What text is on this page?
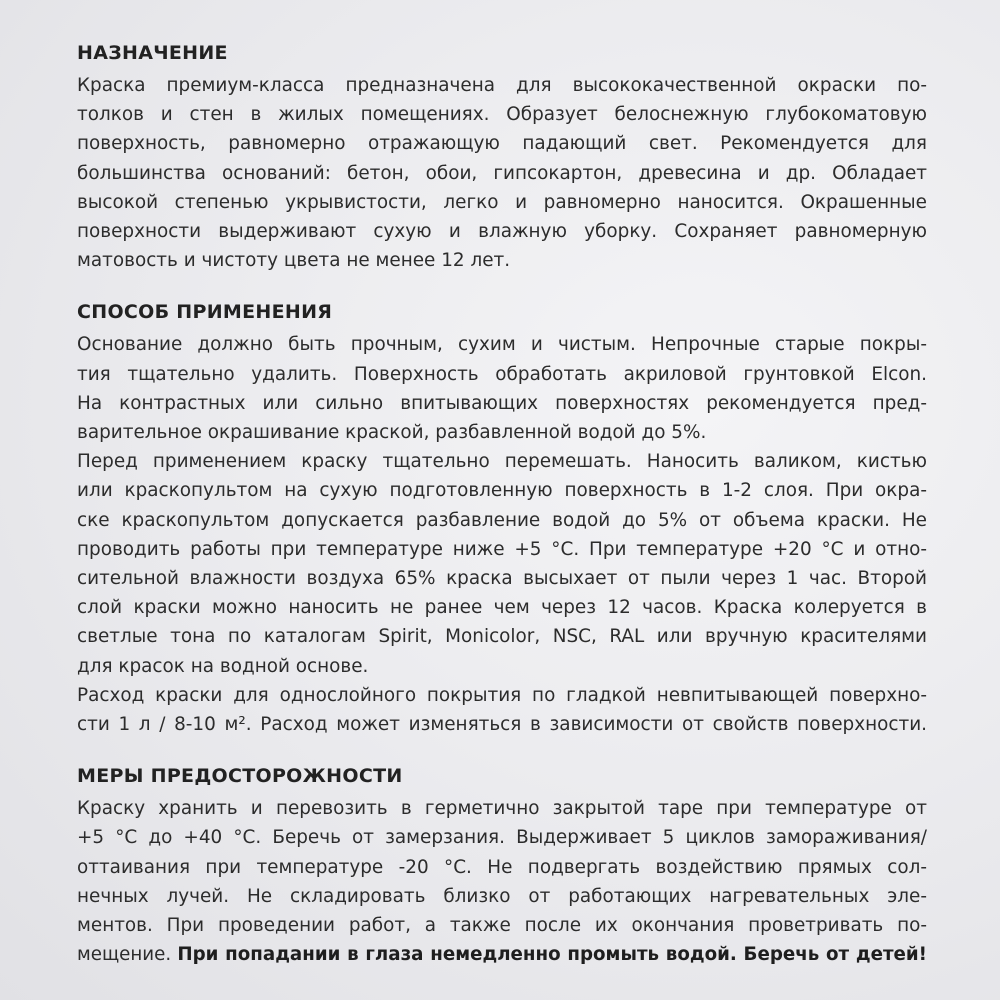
НАЗНАЧЕНИЕ
Краска премиум-класса предназначена для высококачественной окраски по-
толков и стен в жилых помещениях. Образует белоснежную глубокоматовую
поверхность, равномерно отражающую падающий свет. Рекомендуется для
большинства оснований: бетон, обои, гипсокартон, древесина и др. Обладает
высокой степенью укрывистости, легко и равномерно наносится. Окрашенные
поверхности выдерживают сухую и влажную уборку. Сохраняет равномерную
матовость и чистоту цвета не менее 12 лет.
СПОСОБ ПРИМЕНЕНИЯ
Основание должно быть прочным, сухим и чистым. Непрочные старые покры-
тия тщательно удалить. Поверхность обработать акриловой грунтовкой Elcon.
На контрастных или сильно впитывающих поверхностях рекомендуется пред-
варительное окрашивание краской, разбавленной водой до 5%.
Перед применением краску тщательно перемешать. Наносить валиком, кистью
или краскопультом на сухую подготовленную поверхность в 1-2 слоя. При окра-
ске краскопультом допускается разбавление водой до 5% от объема краски. Не
проводить работы при температуре ниже +5 °С. При температуре +20 °С и отно-
сительной влажности воздуха 65% краска высыхает от пыли через 1 час. Второй
слой краски можно наносить не ранее чем через 12 часов. Краска колеруется в
светлые тона по каталогам Spirit, Monicolor, NSC, RAL или вручную красителями
для красок на водной основе.
Расход краски для однослойного покрытия по гладкой невпитывающей поверхно-
сти 1 л / 8-10 м². Расход может изменяться в зависимости от свойств поверхности.
МЕРЫ ПРЕДОСТОРОЖНОСТИ
Краску хранить и перевозить в герметично закрытой таре при температуре от
+5 °С до +40 °С. Беречь от замерзания. Выдерживает 5 циклов замораживания/
оттаивания при температуре -20 °С. Не подвергать воздействию прямых сол-
нечных лучей. Не складировать близко от работающих нагревательных эле-
ментов. При проведении работ, а также после их окончания проветривать по-
мещение. При попадании в глаза немедленно промыть водой. Беречь от детей!
